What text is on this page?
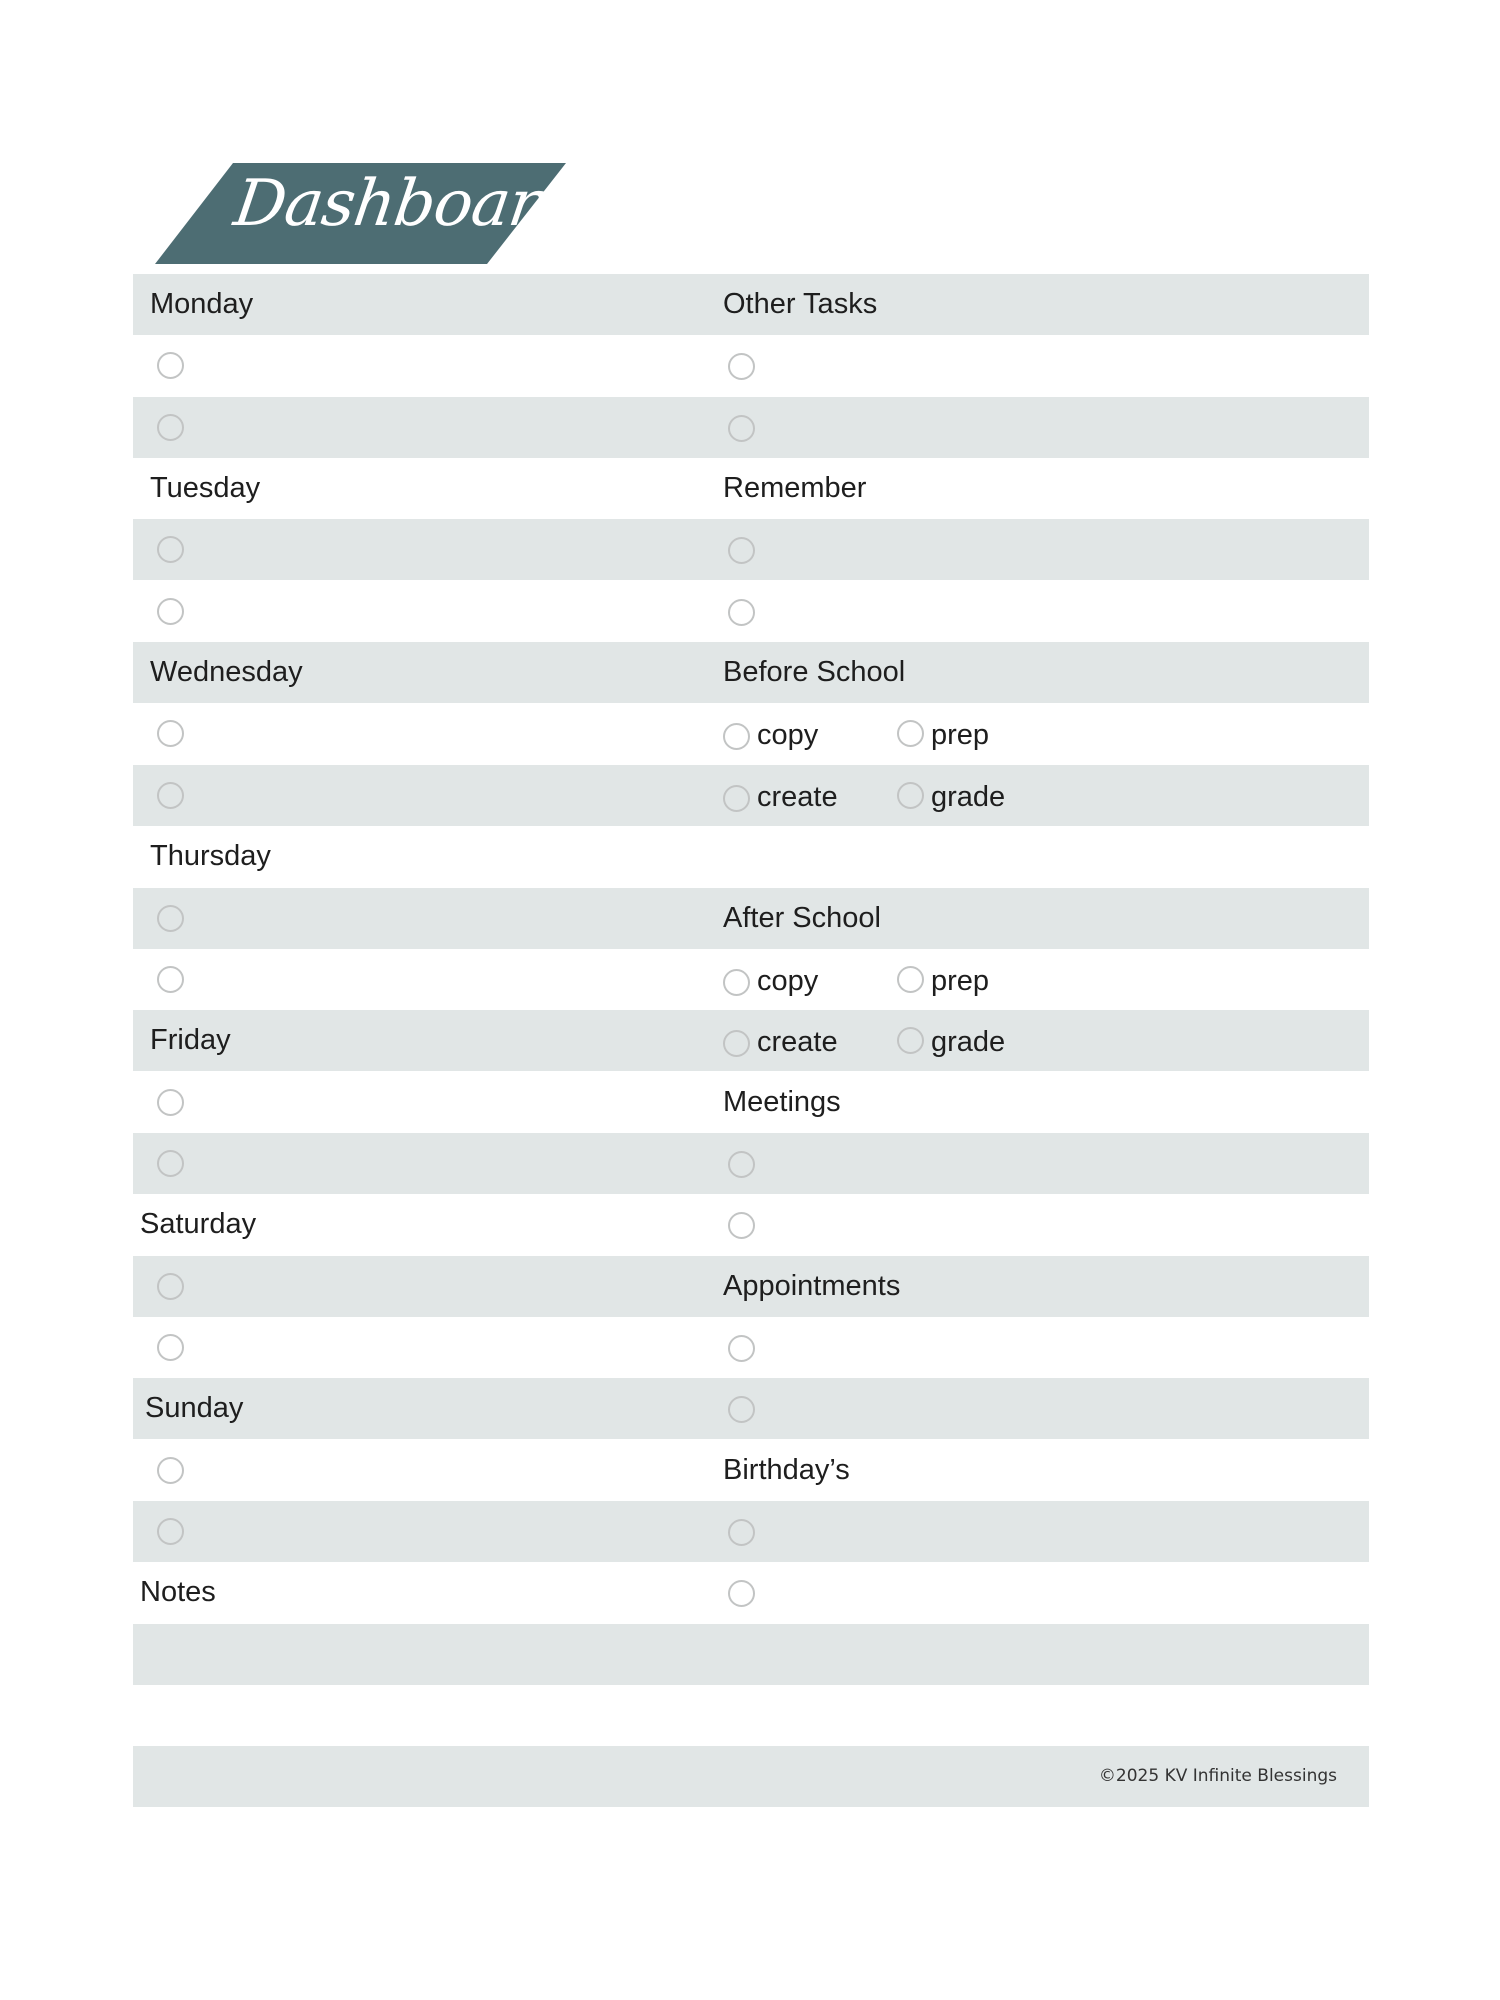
Dashboard
Monday
Tuesday
Wednesday
Thursday
Friday
Saturday
Sunday
Notes
Other Tasks
Remember
Before School
copy	prep
create	grade
After School
copy	prep
create	grade
Meetings
Appointments
Birthday’s
©2025 KV Infinite Blessings
